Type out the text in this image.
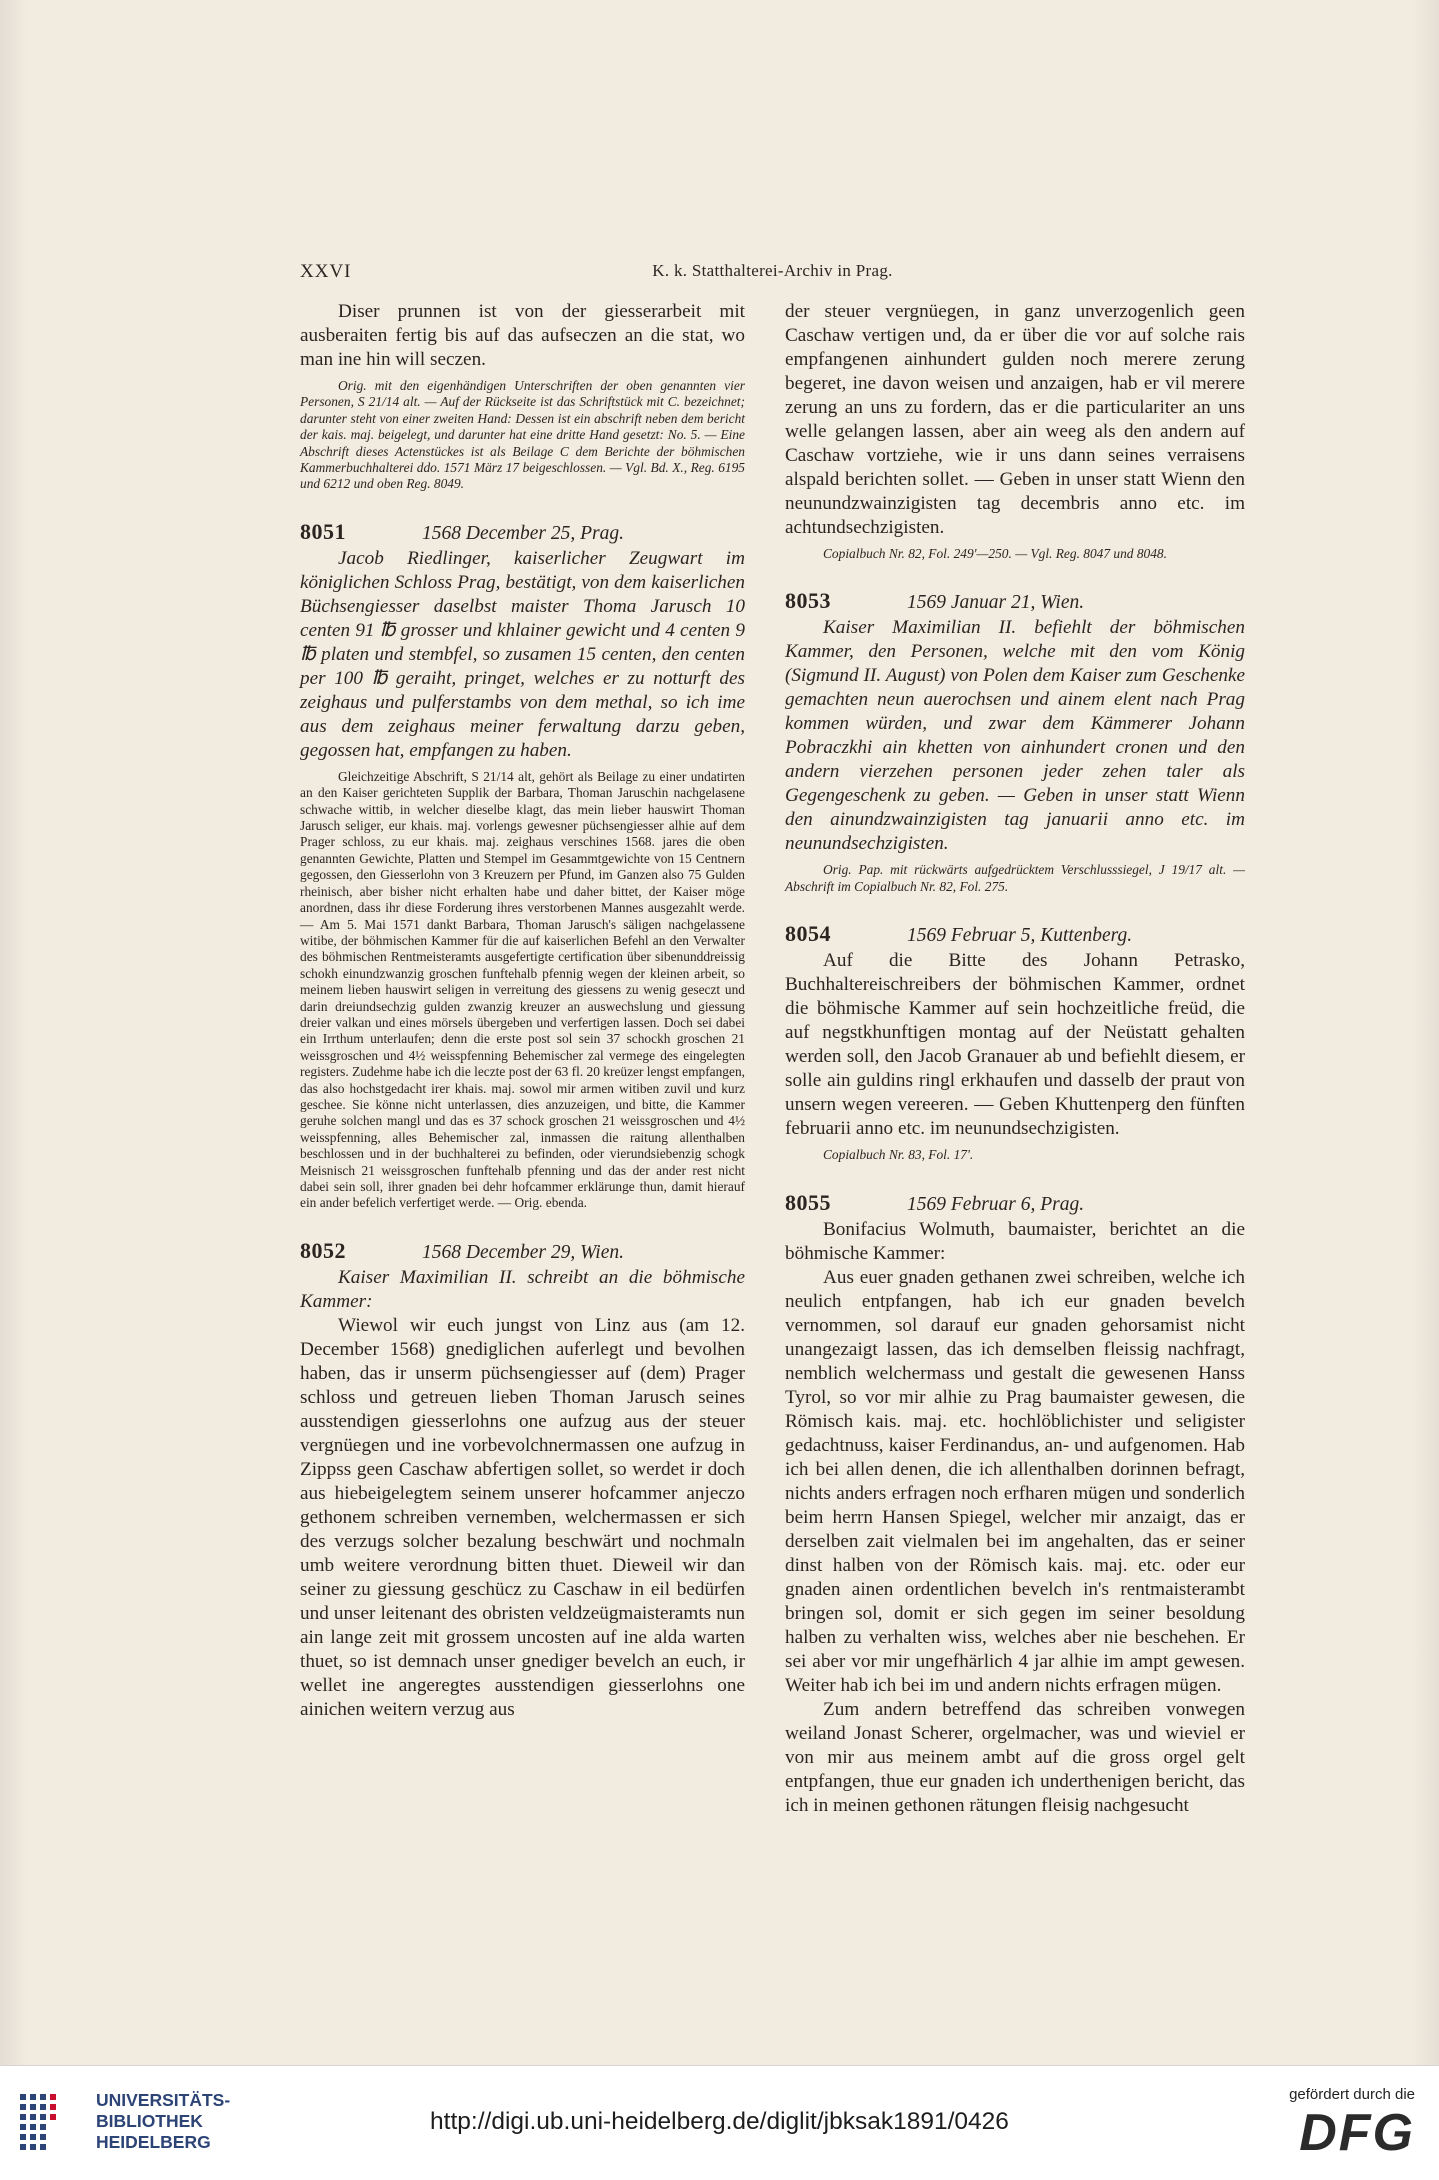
XXVI	K. k. Statthalterei-Archiv in Prag.

Diser prunnen ist von der giesserarbeit mit ausberaiten fertig bis auf das aufseczen an die stat, wo man ine hin will seczen.

Orig. mit den eigenhändigen Unterschriften der oben genannten vier Personen, S 21/14 alt. — Auf der Rückseite ist das Schriftstück mit C. bezeichnet; darunter steht von einer zweiten Hand: Dessen ist ein abschrift neben dem bericht der kais. maj. beigelegt, und darunter hat eine dritte Hand gesetzt: No. 5. — Eine Abschrift dieses Actenstückes ist als Beilage C dem Berichte der böhmischen Kammerbuchhalterei ddo. 1571 März 17 beigeschlossen. — Vgl. Bd. X., Reg. 6195 und 6212 und oben Reg. 8049.

8051	1568 December 25, Prag.

Jacob Riedlinger, kaiserlicher Zeugwart im königlichen Schloss Prag, bestätigt, von dem kaiserlichen Büchsengiesser daselbst maister Thoma Jarusch 10 centen 91 ℔ grosser und khlainer gewicht und 4 centen 9 ℔ platen und stembfel, so zusamen 15 centen, den centen per 100 ℔ geraiht, pringet, welches er zu notturft des zeighaus und pulferstambs von dem methal, so ich ime aus dem zeighaus meiner ferwaltung darzu geben, gegossen hat, empfangen zu haben.

Gleichzeitige Abschrift, S 21/14 alt, gehört als Beilage zu einer undatirten an den Kaiser gerichteten Supplik der Barbara, Thoman Jaruschin nachgelasene schwache wittib, in welcher dieselbe klagt, das mein lieber hauswirt Thoman Jarusch seliger, eur khais. maj. vorlengs gewesner püchsengiesser alhie auf dem Prager schloss, zu eur khais. maj. zeighaus verschines 1568. jares die oben genannten Gewichte, Platten und Stempel im Gesammtgewichte von 15 Centnern gegossen, den Giesserlohn von 3 Kreuzern per Pfund, im Ganzen also 75 Gulden rheinisch, aber bisher nicht erhalten habe und daher bittet, der Kaiser möge anordnen, dass ihr diese Forderung ihres verstorbenen Mannes ausgezahlt werde. — Am 5. Mai 1571 dankt Barbara, Thoman Jarusch's säligen nachgelassene witibe, der böhmischen Kammer für die auf kaiserlichen Befehl an den Verwalter des böhmischen Rentmeisteramts ausgefertigte certification über sibenunddreissig schokh einundzwanzig groschen funftehalb pfennig wegen der kleinen arbeit, so meinem lieben hauswirt seligen in verreitung des giessens zu wenig geseczt und darin dreiundsechzig gulden zwanzig kreuzer an auswechslung und giessung dreier valkan und eines mörsels übergeben und verfertigen lassen. Doch sei dabei ein Irrthum unterlaufen; denn die erste post sol sein 37 schockh groschen 21 weissgroschen und 4½ weisspfenning Behemischer zal vermege des eingelegten registers. Zudehme habe ich die leczte post der 63 fl. 20 kreüzer lengst empfangen, das also hochstgedacht irer khais. maj. sowol mir armen witiben zuvil und kurz geschee. Sie könne nicht unterlassen, dies anzuzeigen, und bitte, die Kammer geruhe solchen mangl und das es 37 schock groschen 21 weissgroschen und 4½ weisspfenning, alles Behemischer zal, inmassen die raitung allenthalben beschlossen und in der buchhalterei zu befinden, oder vierundsiebenzig schogk Meisnisch 21 weissgroschen funftehalb pfenning und das der ander rest nicht dabei sein soll, ihrer gnaden bei dehr hofcammer erklärunge thun, damit hierauf ein ander befelich verfertiget werde. — Orig. ebenda.

8052	1568 December 29, Wien.

Kaiser Maximilian II. schreibt an die böhmische Kammer:

Wiewol wir euch jungst von Linz aus (am 12. December 1568) gnediglichen auferlegt und bevolhen haben, das ir unserm püchsengiesser auf (dem) Prager schloss und getreuen lieben Thoman Jarusch seines ausstendigen giesserlohns one aufzug aus der steuer vergnüegen und ine vorbevolchnermassen one aufzug in Zippss geen Caschaw abfertigen sollet, so werdet ir doch aus hiebeigelegtem seinem unserer hofcammer anjeczo gethonem schreiben vernemben, welchermassen er sich des verzugs solcher bezalung beschwärt und nochmaln umb weitere verordnung bitten thuet. Dieweil wir dan seiner zu giessung geschücz zu Caschaw in eil bedürfen und unser leitenant des obristen veldzeügmaisteramts nun ain lange zeit mit grossem uncosten auf ine alda warten thuet, so ist demnach unser gnediger bevelch an euch, ir wellet ine angeregtes ausstendigen giesserlohns one ainichen weitern verzug aus

der steuer vergnüegen, in ganz unverzogenlich geen Caschaw vertigen und, da er über die vor auf solche rais empfangenen ainhundert gulden noch merere zerung begeret, ine davon weisen und anzaigen, hab er vil merere zerung an uns zu fordern, das er die particulariter an uns welle gelangen lassen, aber ain weeg als den andern auf Caschaw vortziehe, wie ir uns dann seines verraisens alspald berichten sollet. — Geben in unser statt Wienn den neunundzwainzigisten tag decembris anno etc. im achtundsechzigisten.

Copialbuch Nr. 82, Fol. 249'—250. — Vgl. Reg. 8047 und 8048.

8053	1569 Januar 21, Wien.

Kaiser Maximilian II. befiehlt der böhmischen Kammer, den Personen, welche mit den vom König (Sigmund II. August) von Polen dem Kaiser zum Geschenke gemachten neun auerochsen und ainem elent nach Prag kommen würden, und zwar dem Kämmerer Johann Pobraczkhi ain khetten von ainhundert cronen und den andern vierzehen personen jeder zehen taler als Gegengeschenk zu geben. — Geben in unser statt Wienn den ainundzwainzigisten tag januarii anno etc. im neunundsechzigisten.

Orig. Pap. mit rückwärts aufgedrücktem Verschlusssiegel, J 19/17 alt. — Abschrift im Copialbuch Nr. 82, Fol. 275.

8054	1569 Februar 5, Kuttenberg.

Auf die Bitte des Johann Petrasko, Buchhaltereischreibers der böhmischen Kammer, ordnet die böhmische Kammer auf sein hochzeitliche freüd, die auf negstkhunftigen montag auf der Neüstatt gehalten werden soll, den Jacob Granauer ab und befiehlt diesem, er solle ain guldins ringl erkhaufen und dasselb der praut von unsern wegen vereeren. — Geben Khuttenperg den fünften februarii anno etc. im neunundsechzigisten.

Copialbuch Nr. 83, Fol. 17'.

8055	1569 Februar 6, Prag.

Bonifacius Wolmuth, baumaister, berichtet an die böhmische Kammer:

Aus euer gnaden gethanen zwei schreiben, welche ich neulich entpfangen, hab ich eur gnaden bevelch vernommen, sol darauf eur gnaden gehorsamist nicht unangezaigt lassen, das ich demselben fleissig nachfragt, nemblich welchermass und gestalt die gewesenen Hanss Tyrol, so vor mir alhie zu Prag baumaister gewesen, die Römisch kais. maj. etc. hochlöblichister und seligister gedachtnuss, kaiser Ferdinandus, an- und aufgenomen. Hab ich bei allen denen, die ich allenthalben dorinnen befragt, nichts anders erfragen noch erfharen mügen und sonderlich beim herrn Hansen Spiegel, welcher mir anzaigt, das er derselben zait vielmalen bei im angehalten, das er seiner dinst halben von der Römisch kais. maj. etc. oder eur gnaden ainen ordentlichen bevelch in's rentmaisterambt bringen sol, domit er sich gegen im seiner besoldung halben zu verhalten wiss, welches aber nie beschehen. Er sei aber vor mir ungefhärlich 4 jar alhie im ampt gewesen. Weiter hab ich bei im und andern nichts erfragen mügen.

Zum andern betreffend das schreiben vonwegen weiland Jonast Scherer, orgelmacher, was und wieviel er von mir aus meinem ambt auf die gross orgel gelt entpfangen, thue eur gnaden ich underthenigen bericht, das ich in meinen gethonen rätungen fleisig nachgesucht

UNIVERSITÄTS-
BIBLIOTHEK
HEIDELBERG
http://digi.ub.uni-heidelberg.de/diglit/jbksak1891/0426
gefördert durch die
DFG
